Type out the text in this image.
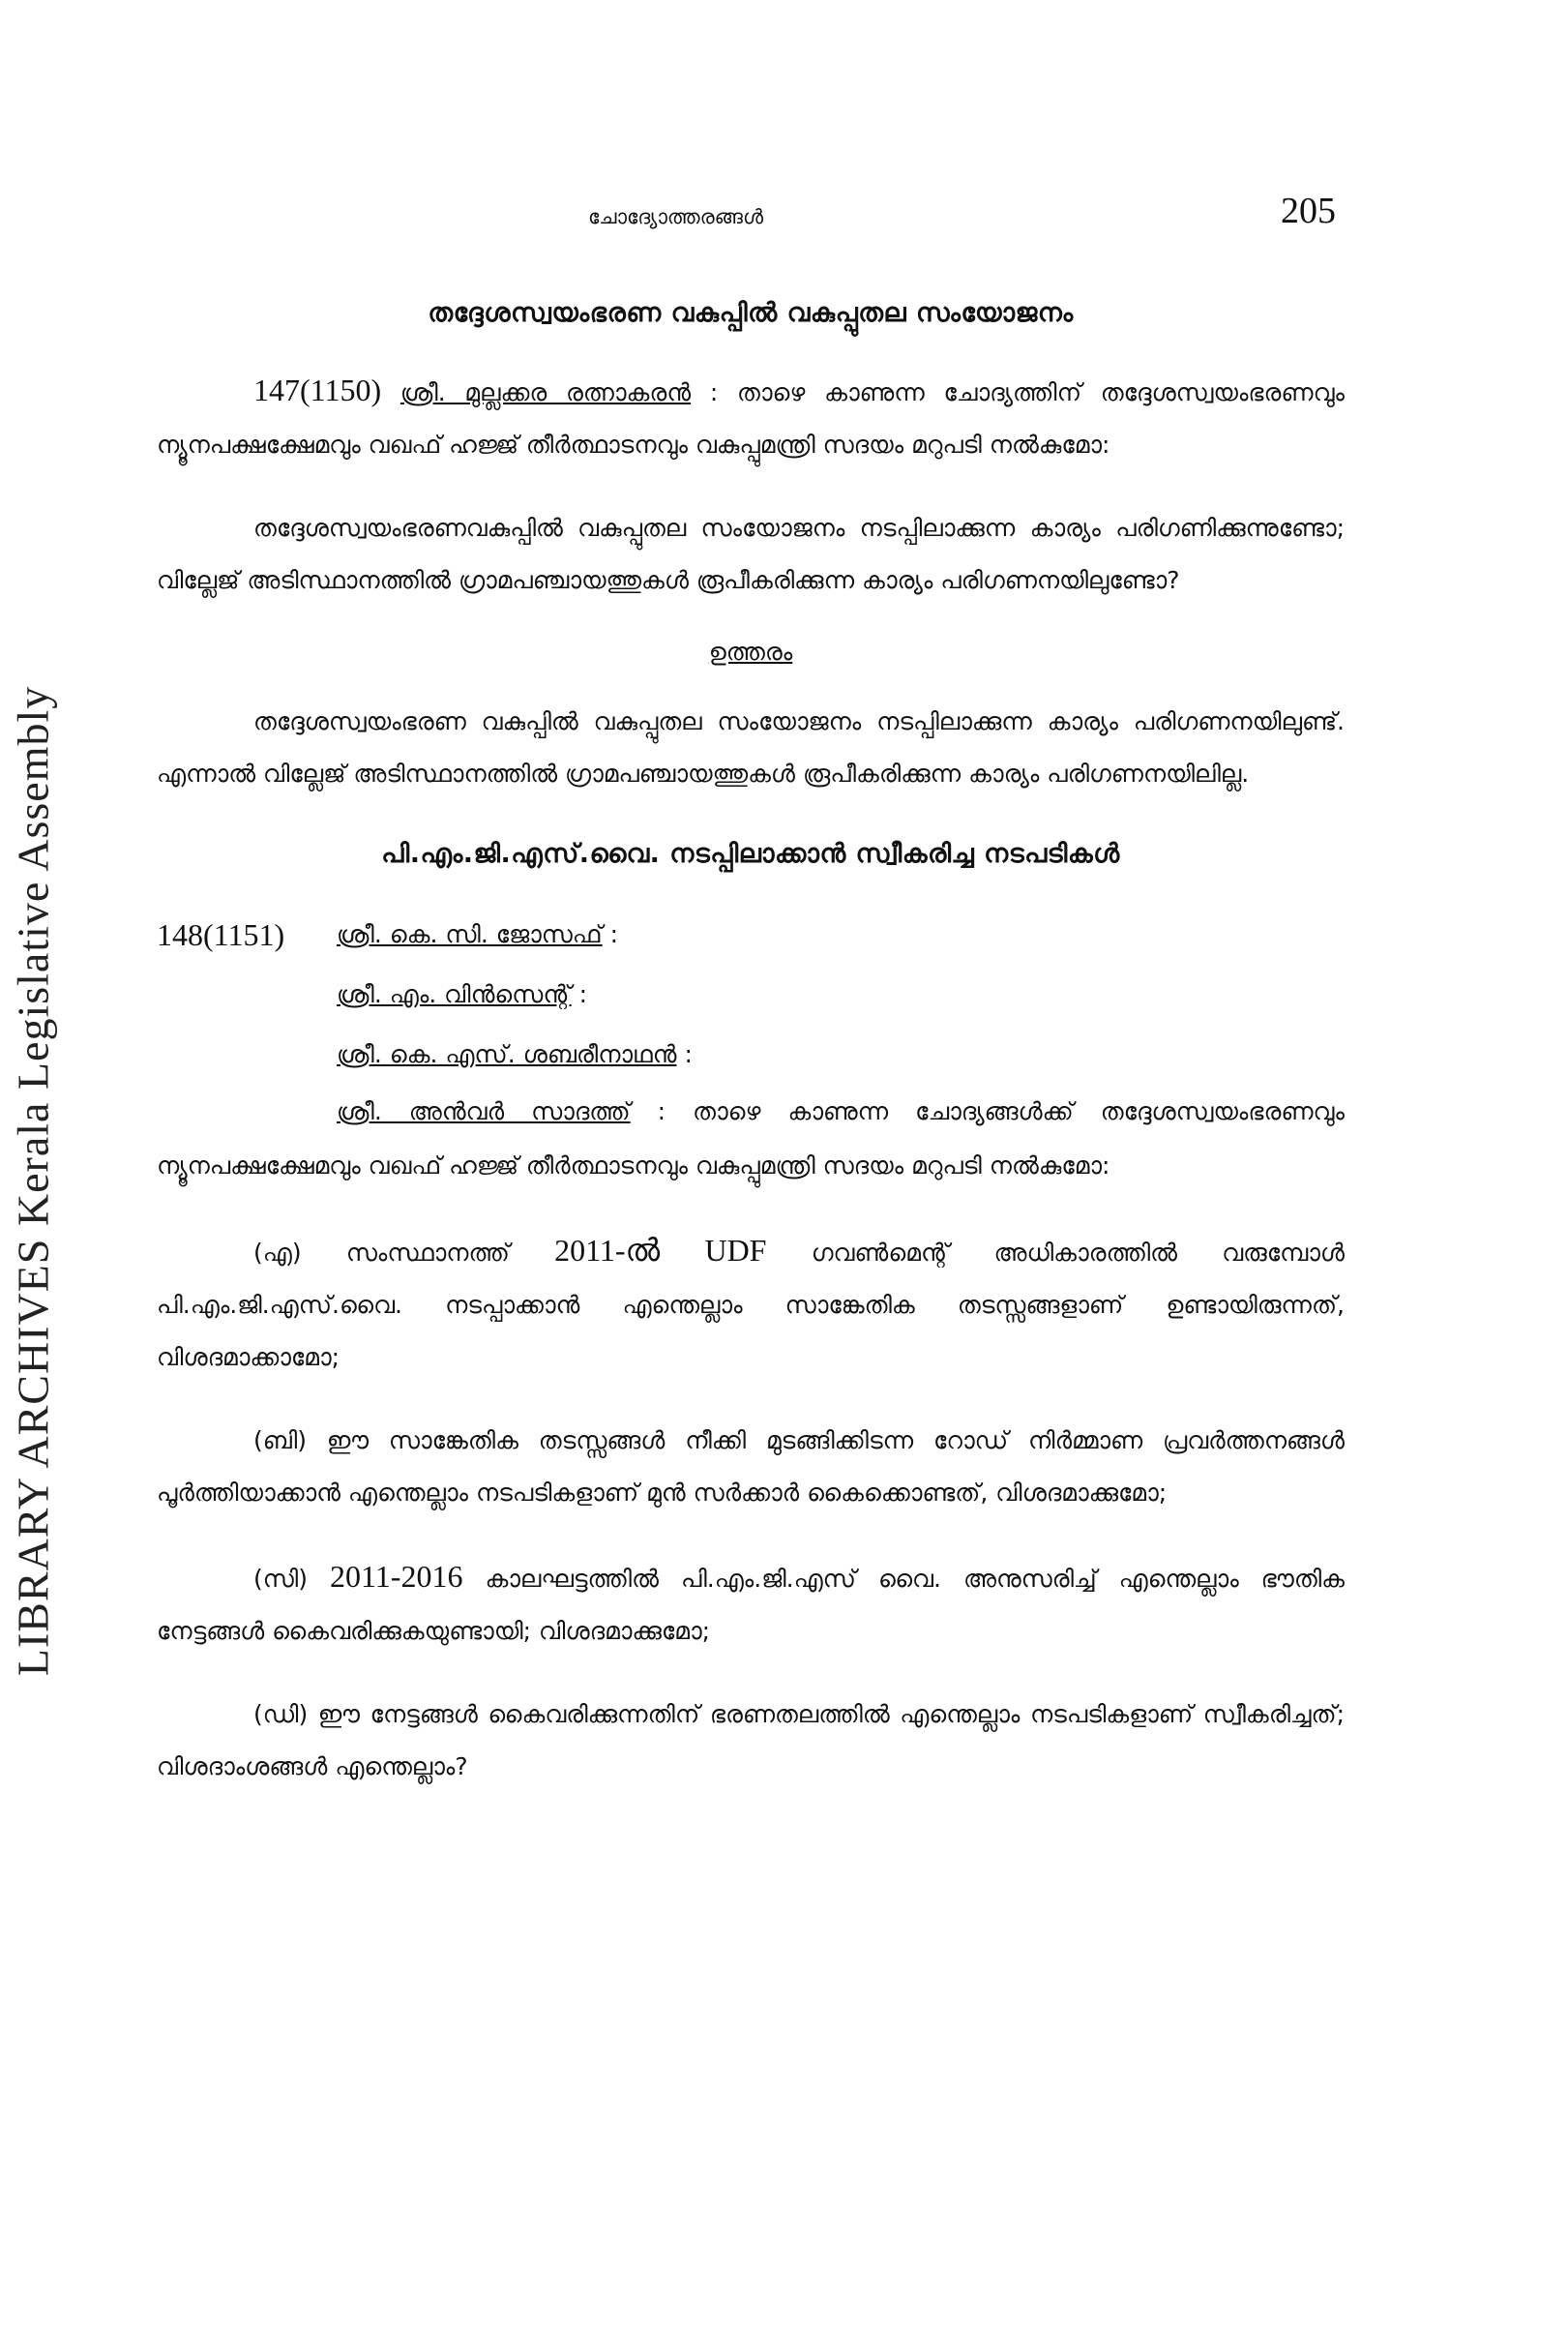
LIBRARY ARCHIVES Kerala Legislative Assembly
ചോദ്യോത്തരങ്ങൾ	205
തദ്ദേശസ്വയംഭരണ വകുപ്പിൽ വകുപ്പുതല സംയോജനം

147(1150) ശ്രീ. മുല്ലക്കര രത്നാകരൻ : താഴെ കാണുന്ന ചോദ്യത്തിന് തദ്ദേശസ്വയംഭരണവും ന്യൂനപക്ഷക്ഷേമവും വഖഫ് ഹജ്ജ് തീർത്ഥാടനവും വകുപ്പുമന്ത്രി സദയം മറുപടി നൽകുമോ:

തദ്ദേശസ്വയംഭരണവകുപ്പിൽ വകുപ്പുതല സംയോജനം നടപ്പിലാക്കുന്ന കാര്യം പരിഗണിക്കുന്നുണ്ടോ; വില്ലേജ് അടിസ്ഥാനത്തിൽ ഗ്രാമപഞ്ചായത്തുകൾ രൂപീകരിക്കുന്ന കാര്യം പരിഗണനയിലുണ്ടോ?

ഉത്തരം

തദ്ദേശസ്വയംഭരണ വകുപ്പിൽ വകുപ്പുതല സംയോജനം നടപ്പിലാക്കുന്ന കാര്യം പരിഗണനയിലുണ്ട്. എന്നാൽ വില്ലേജ് അടിസ്ഥാനത്തിൽ ഗ്രാമപഞ്ചായത്തുകൾ രൂപീകരിക്കുന്ന കാര്യം പരിഗണനയിലില്ല.

പി.എം.ജി.എസ്.വൈ. നടപ്പിലാക്കാൻ സ്വീകരിച്ച നടപടികൾ
148(1151)	ശ്രീ. കെ. സി. ജോസഫ് :
ശ്രീ. എം. വിൻസെന്റ് :
ശ്രീ. കെ. എസ്. ശബരീനാഥൻ :

ശ്രീ. അൻവർ സാദത്ത് : താഴെ കാണുന്ന ചോദ്യങ്ങൾക്ക് തദ്ദേശസ്വയംഭരണവും ന്യൂനപക്ഷക്ഷേമവും വഖഫ് ഹജ്ജ് തീർത്ഥാടനവും വകുപ്പുമന്ത്രി സദയം മറുപടി നൽകുമോ:

(എ) സംസ്ഥാനത്ത് 2011-ൽ UDF ഗവൺമെന്റ് അധികാരത്തിൽ വരുമ്പോൾ പി.എം.ജി.എസ്.വൈ. നടപ്പാക്കാൻ എന്തെല്ലാം സാങ്കേതിക തടസ്സങ്ങളാണ് ഉണ്ടായിരുന്നത്, വിശദമാക്കാമോ;

(ബി) ഈ സാങ്കേതിക തടസ്സങ്ങൾ നീക്കി മുടങ്ങിക്കിടന്ന റോഡ് നിർമ്മാണ പ്രവർത്തനങ്ങൾ പൂർത്തിയാക്കാൻ എന്തെല്ലാം നടപടികളാണ് മുൻ സർക്കാർ കൈക്കൊണ്ടത്, വിശദമാക്കുമോ;

(സി) 2011-2016 കാലഘട്ടത്തിൽ പി.എം.ജി.എസ് വൈ. അനുസരിച്ച് എന്തെല്ലാം ഭൗതിക നേട്ടങ്ങൾ കൈവരിക്കുകയുണ്ടായി; വിശദമാക്കുമോ;

(ഡി) ഈ നേട്ടങ്ങൾ കൈവരിക്കുന്നതിന് ഭരണതലത്തിൽ എന്തെല്ലാം നടപടികളാണ് സ്വീകരിച്ചത്; വിശദാംശങ്ങൾ എന്തെല്ലാം?
